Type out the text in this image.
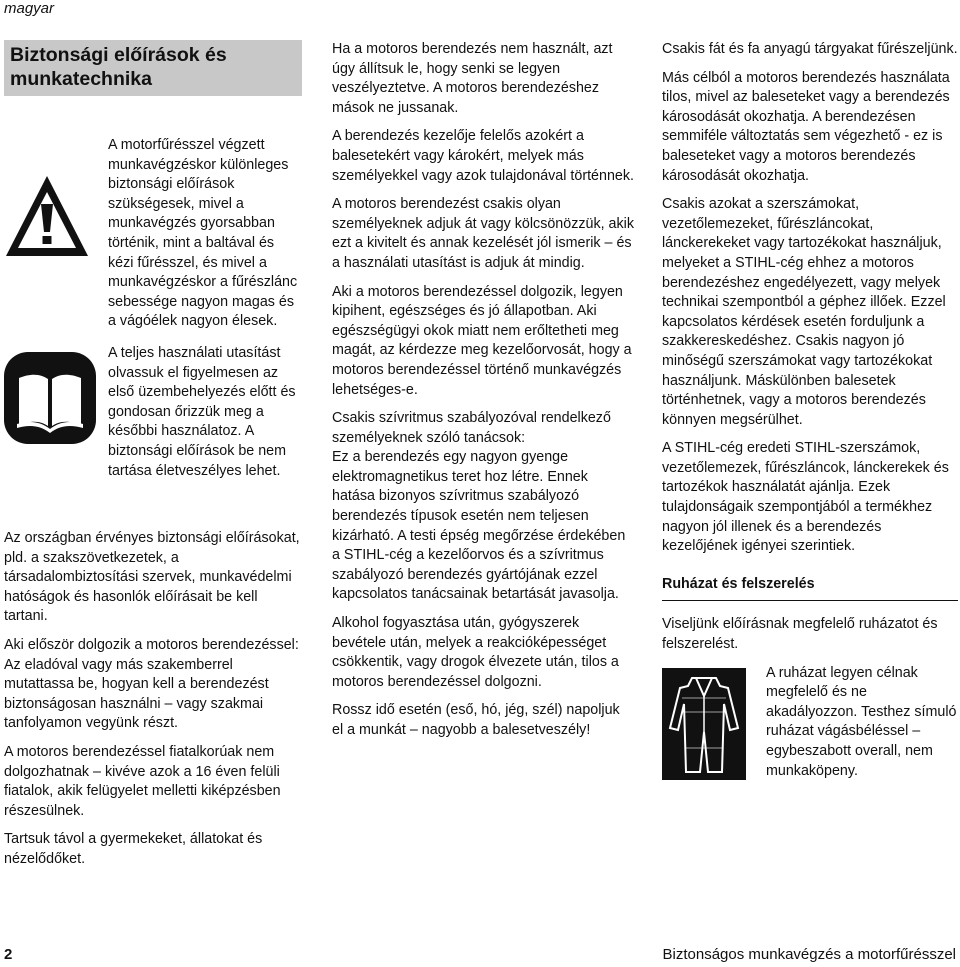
magyar
Biztonsági előírások és munkatechnika

A motorfűrésszel végzett munkavégzéskor különleges biztonsági előírások szükségesek, mivel a munkavégzés gyorsabban történik, mint a baltával és kézi fűrésszel, és mivel a munkavégzéskor a fűrészlánc sebessége nagyon magas és a vágóélek nagyon élesek.

A teljes használati utasítást olvassuk el figyelmesen az első üzembehelyezés előtt és gondosan őrizzük meg a későbbi használatoz. A biztonsági előírások be nem tartása életveszélyes lehet.

Az országban érvényes biztonsági előírásokat, pld. a szakszövetkezetek, a társadalombiztosítási szervek, munkavédelmi hatóságok és hasonlók előírásait be kell tartani.

Aki először dolgozik a motoros berendezéssel: Az eladóval vagy más szakemberrel mutattassa be, hogyan kell a berendezést biztonságosan használni – vagy szakmai tanfolyamon vegyünk részt.

A motoros berendezéssel fiatalkorúak nem dolgozhatnak – kivéve azok a 16 éven felüli fiatalok, akik felügyelet melletti kiképzésben részesülnek.

Tartsuk távol a gyermekeket, állatokat és nézelődőket.

Ha a motoros berendezés nem használt, azt úgy állítsuk le, hogy senki se legyen veszélyeztetve. A motoros berendezéshez mások ne jussanak.

A berendezés kezelője felelős azokért a balesetekért vagy károkért, melyek más személyekkel vagy azok tulajdonával történnek.

A motoros berendezést csakis olyan személyeknek adjuk át vagy kölcsönözzük, akik ezt a kivitelt és annak kezelését jól ismerik – és a használati utasítást is adjuk át mindig.

Aki a motoros berendezéssel dolgozik, legyen kipihent, egészséges és jó állapotban. Aki egészségügyi okok miatt nem erőltetheti meg magát, az kérdezze meg kezelőorvosát, hogy a motoros berendezéssel történő munkavégzés lehetséges-e.

Csakis szívritmus szabályozóval rendelkező személyeknek szóló tanácsok:

Ez a berendezés egy nagyon gyenge elektromagnetikus teret hoz létre. Ennek hatása bizonyos szívritmus szabályozó berendezés típusok esetén nem teljesen kizárható. A testi épség megőrzése érdekében a STIHL-cég a kezelőorvos és a szívritmus szabályozó berendezés gyártójának ezzel kapcsolatos tanácsainak betartását javasolja.

Alkohol fogyasztása után, gyógyszerek bevétele után, melyek a reakcióképességet csökkentik, vagy drogok élvezete után, tilos a motoros berendezéssel dolgozni.

Rossz idő esetén (eső, hó, jég, szél) napoljuk el a munkát – nagyobb a balesetveszély!

Csakis fát és fa anyagú tárgyakat fűrészeljünk.

Más célból a motoros berendezés használata tilos, mivel az baleseteket vagy a berendezés károsodását okozhatja. A berendezésen semmiféle változtatás sem végezhető - ez is baleseteket vagy a motoros berendezés károsodását okozhatja.

Csakis azokat a szerszámokat, vezetőlemezeket, fűrészláncokat, lánckerekeket vagy tartozékokat használjuk, melyeket a STIHL-cég ehhez a motoros berendezéshez engedélyezett, vagy melyek technikai szempontból a géphez illőek. Ezzel kapcsolatos kérdések esetén forduljunk a szakkereskedéshez. Csakis nagyon jó minőségű szerszámokat vagy tartozékokat használjunk. Máskülönben balesetek történhetnek, vagy a motoros berendezés könnyen megsérülhet.

A STIHL-cég eredeti STIHL-szerszámok, vezetőlemezek, fűrészláncok, lánckerekek és tartozékok használatát ajánlja. Ezek tulajdonságaik szempontjából a termékhez nagyon jól illenek és a berendezés kezelőjének igényei szerintiek.

Ruházat és felszerelés

Viseljünk előírásnak megfelelő ruházatot és felszerelést.

A ruházat legyen célnak megfelelő és ne akadályozzon. Testhez símuló ruházat vágásbéléssel – egybeszabott overall, nem munkaköpeny.

2	Biztonságos munkavégzés a motorfűrésszel
